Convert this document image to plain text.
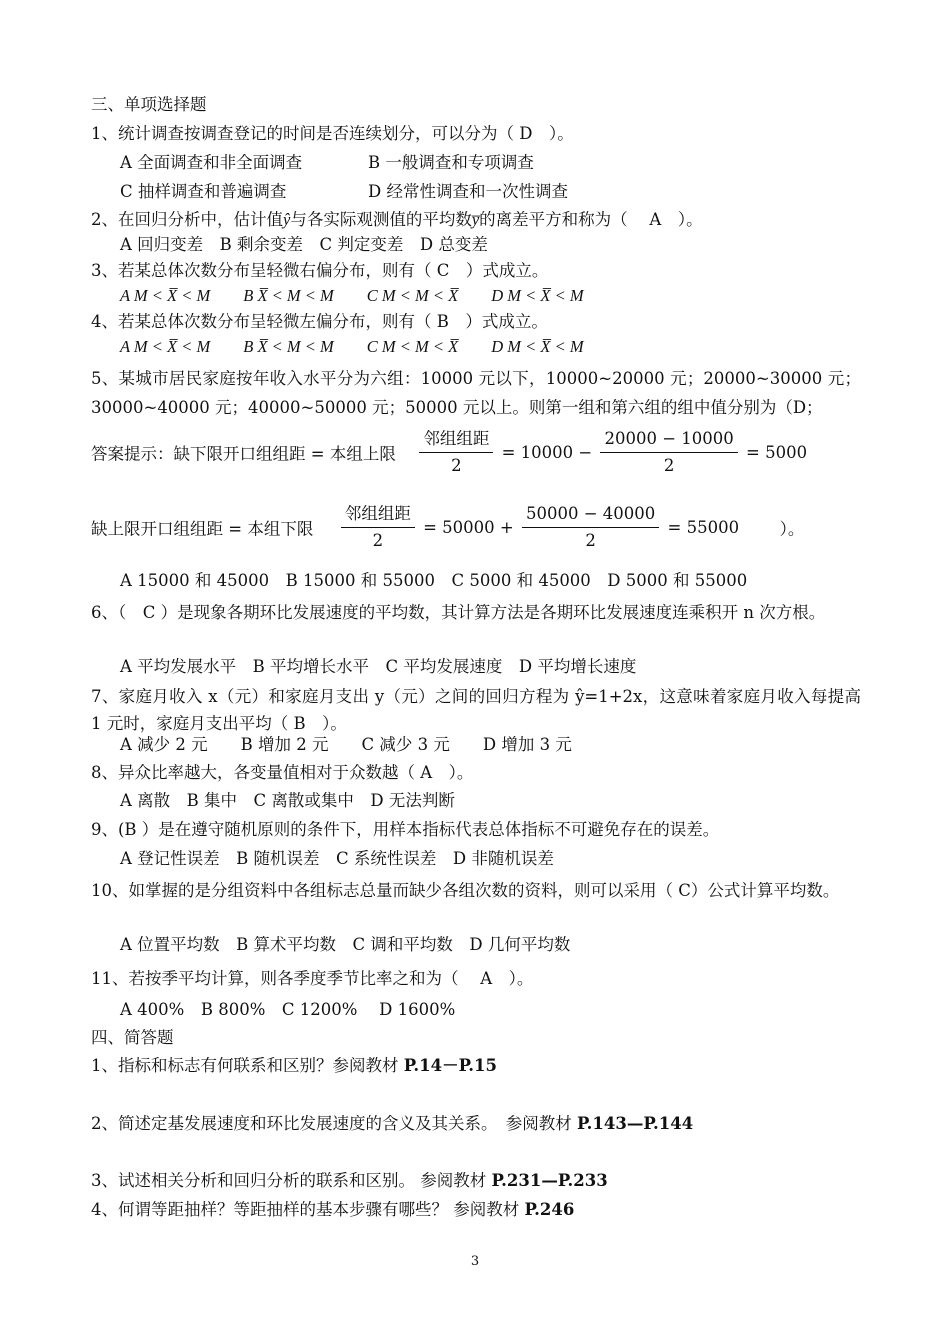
三、单项选择题
1、统计调查按调查登记的时间是否连续划分，可以分为（ D　）。
A 全面调查和非全面调查	B 一般调查和专项调查
C 抽样调查和普遍调查	D 经常性调查和一次性调查
2、在回归分析中，估计值ŷ与各实际观测值的平均数y̅的离差平方和称为（　 A　）。
A 回归变差　B 剩余变差　C 判定变差　D 总变差
3、若某总体次数分布呈轻微右偏分布，则有（ C　）式成立。
A M < X̅ < M　　B X̅ < M < M　　C M < M < X̅　　D M < X̅ < M
4、若某总体次数分布呈轻微左偏分布，则有（ B　）式成立。
A M < X̅ < M　　B X̅ < M < M　　C M < M < X̅　　D M < X̅ < M
5、某城市居民家庭按年收入水平分为六组：10000 元以下，10000~20000 元；20000~30000 元；30000~40000 元；40000~50000 元；50000 元以上。则第一组和第六组的组中值分别为（D；
答案提示：缺下限开口组组距 = 本组上限 $\frac{\text{邻组组距}}{2} = 10000 - \frac{20000 - 10000}{2} = 5000$
缺上限开口组组距 = 本组下限 $\frac{\text{邻组组距}}{2} = 50000 + \frac{50000 - 40000}{2} = 55000$ ）。
A 15000 和 45000　B 15000 和 55000　C 5000 和 45000　D 5000 和 55000
6、（　C ）是现象各期环比发展速度的平均数，其计算方法是各期环比发展速度连乘积开 n 次方根。
A 平均发展水平　B 平均增长水平　C 平均发展速度　D 平均增长速度
7、家庭月收入 x（元）和家庭月支出 y（元）之间的回归方程为 ŷ=1+2x，这意味着家庭月收入每提高 1 元时，家庭月支出平均（ B　）。
A 减少 2 元　　B 增加 2 元　　C 减少 3 元　　D 增加 3 元
8、异众比率越大，各变量值相对于众数越（ A　）。
A 离散　B 集中　C 离散或集中　D 无法判断
9、(B ）是在遵守随机原则的条件下，用样本指标代表总体指标不可避免存在的误差。
A 登记性误差　B 随机误差　C 系统性误差　D 非随机误差
10、如掌握的是分组资料中各组标志总量而缺少各组次数的资料，则可以采用（ C）公式计算平均数。
A 位置平均数　B 算术平均数　C 调和平均数　D 几何平均数
11、若按季平均计算，则各季度季节比率之和为（　 A　）。
A 400%　B 800%　C 1200%　 D 1600%
四、简答题
1、指标和标志有何联系和区别？参阅教材 P.14－P.15
2、简述定基发展速度和环比发展速度的含义及其关系。　参阅教材 P.143—P.144
3、试述相关分析和回归分析的联系和区别。 参阅教材 P.231—P.233
4、何谓等距抽样？等距抽样的基本步骤有哪些？ 参阅教材 P.246
3
